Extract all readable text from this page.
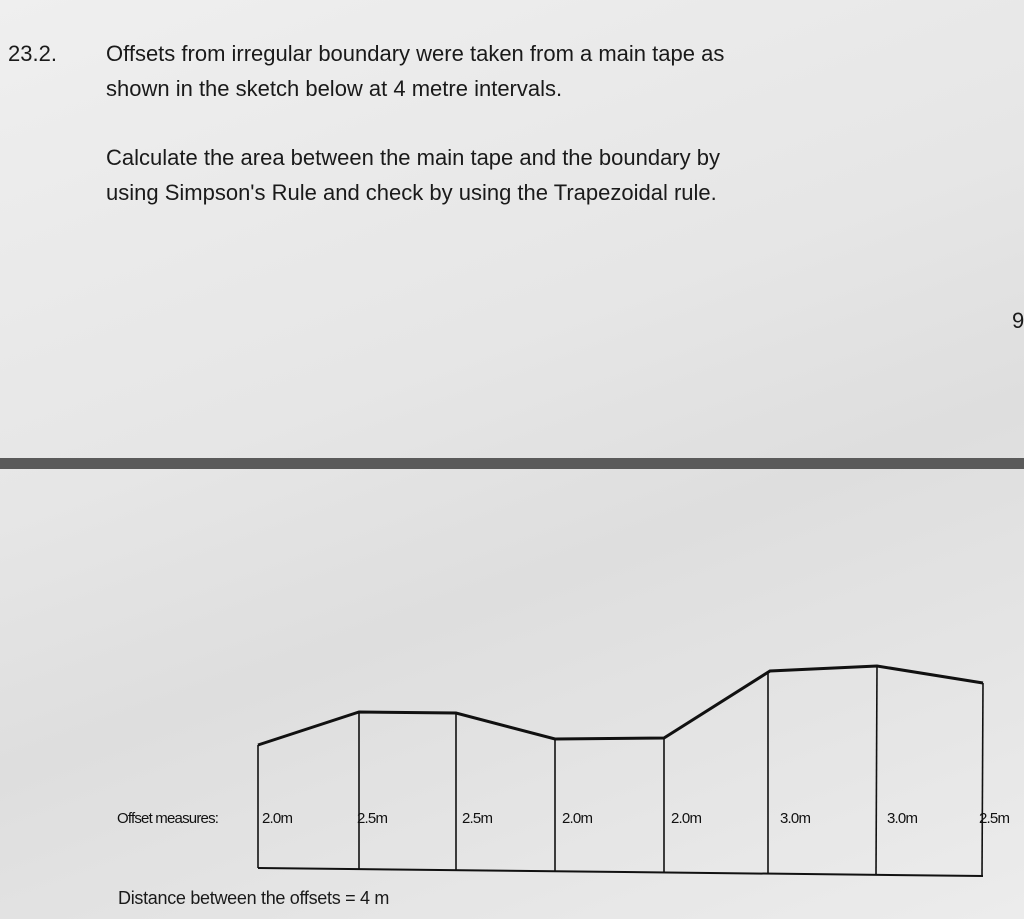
23.2. Offsets from irregular boundary were taken from a main tape as
shown in the sketch below at 4 metre intervals.
Calculate the area between the main tape and the boundary by
using Simpson's Rule and check by using the Trapezoidal rule.
9
Offset measures:	2.0m	2.5m	2.5m	2.0m	2.0m	3.0m	3.0m	2.5m
Distance between the offsets = 4 m
